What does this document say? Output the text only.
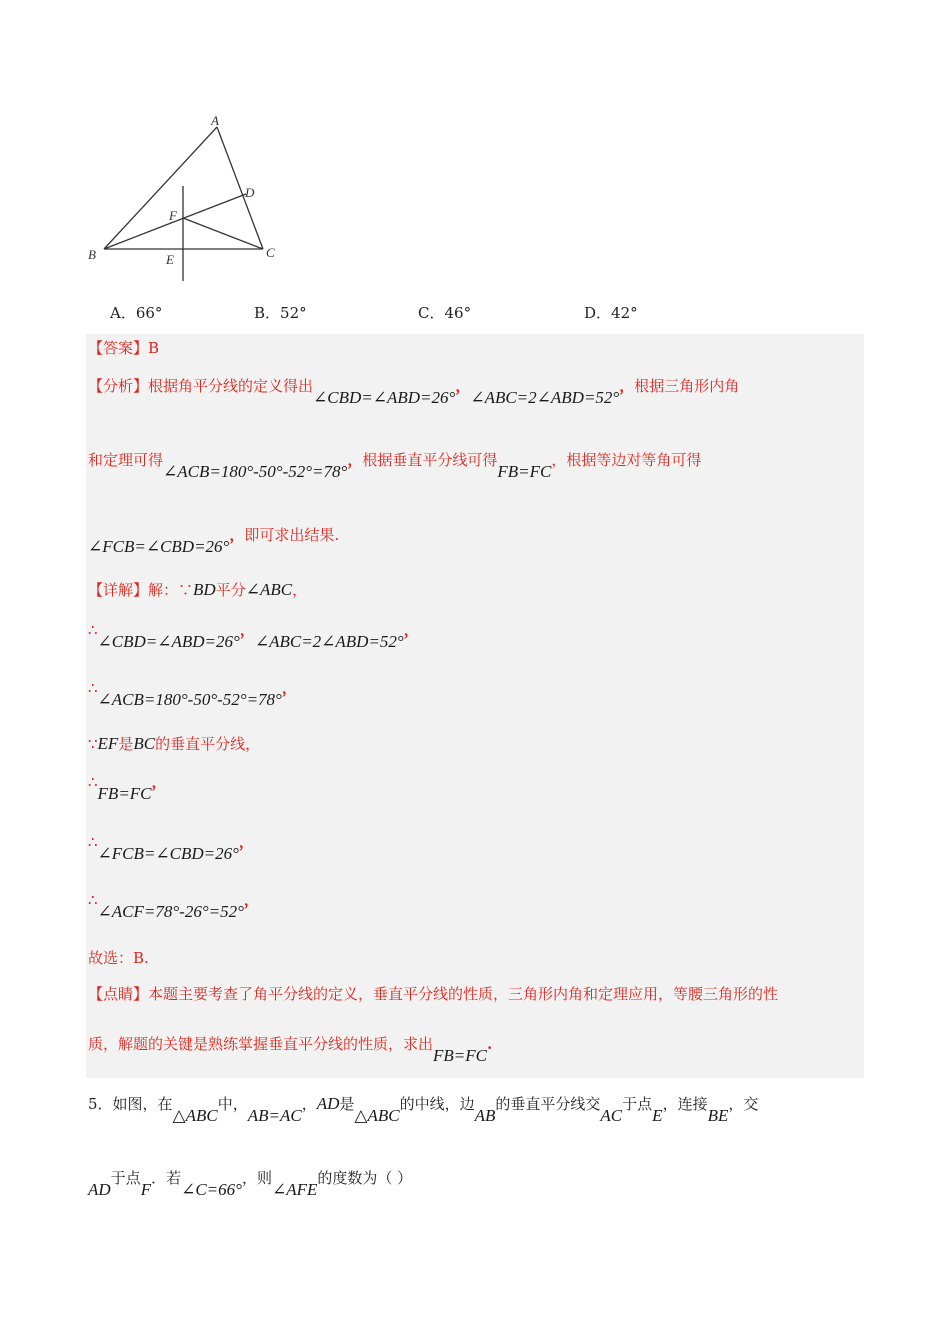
A
B	C
D
E
F
A．66°	B．52°	C．46°	D．42°
【答案】B
【分析】根据角平分线的定义得出∠CBD=∠ABD=26°，∠ABC=2∠ABD=52°，根据三角形内角
和定理可得∠ACB=180°-50°-52°=78°，根据垂直平分线可得FB=FC，根据等边对等角可得
∠FCB=∠CBD=26°，即可求出结果.
【详解】解：∵BD平分∠ABC，
∴∠CBD=∠ABD=26°，∠ABC=2∠ABD=52°，
∴∠ACB=180°-50°-52°=78°，
∵EF是BC的垂直平分线，
∴FB=FC，
∴∠FCB=∠CBD=26°，
∴∠ACF=78°-26°=52°，
故选：B.
【点睛】本题主要考查了角平分线的定义，垂直平分线的性质，三角形内角和定理应用，等腰三角形的性
质，解题的关键是熟练掌握垂直平分线的性质，求出FB=FC.
5．如图，在△ABC中，AB=AC，AD是△ABC的中线，边AB的垂直平分线交AC于点E，连接BE，交
AD于点F．若∠C=66°，则∠AFE的度数为（ ）
